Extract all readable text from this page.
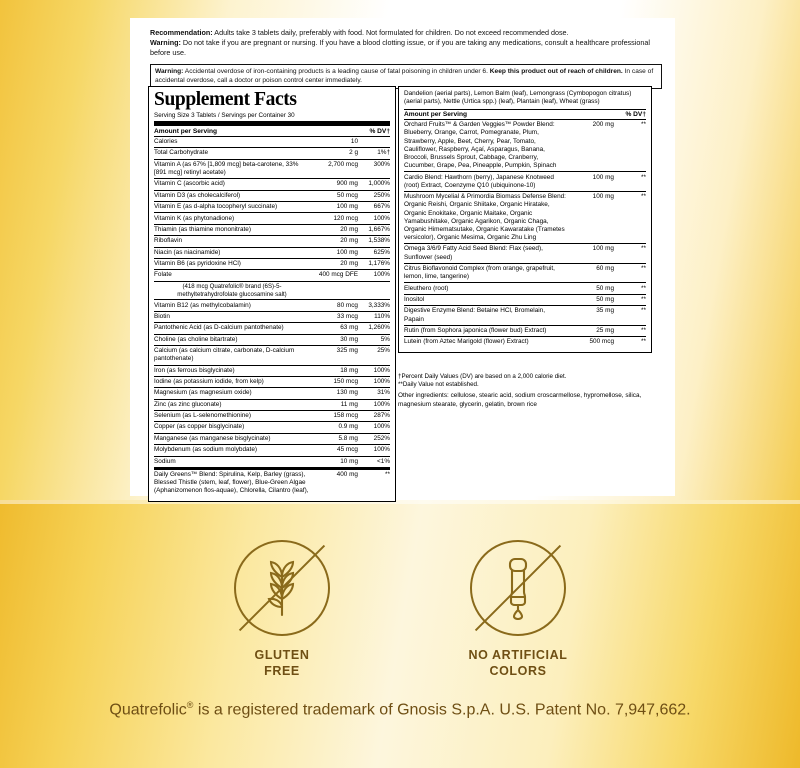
Recommendation: Adults take 3 tablets daily, preferably with food. Not formulated for children. Do not exceed recommended dose.
Warning: Do not take if you are pregnant or nursing. If you have a blood clotting issue, or if you are taking any medications, consult a healthcare professional before use.
Warning: Accidental overdose of iron-containing products is a leading cause of fatal poisoning in children under 6. Keep this product out of reach of children. In case of accidental overdose, call a doctor or poison control center immediately.
Supplement Facts
Serving Size 3 Tablets / Servings per Container 30
Amount per Serving	% DV†
Calories	10	
Total Carbohydrate	2 g	1%†
Vitamin A (as 67% [1,809 mcg] beta-carotene, 33% [891 mcg] retinyl acetate)	2,700 mcg	300%
Vitamin C (ascorbic acid)	900 mg	1,000%
Vitamin D3 (as cholecalciferol)	50 mcg	250%
Vitamin E (as d-alpha tocopheryl succinate)	100 mg	667%
Vitamin K (as phytonadione)	120 mcg	100%
Thiamin (as thiamine mononitrate)	20 mg	1,667%
Riboflavin	20 mg	1,538%
Niacin (as niacinamide)	100 mg	625%
Vitamin B6 (as pyridoxine HCl)	20 mg	1,176%
Folate	400 mcg DFE	100%
(418 mcg Quatrefolic® brand (6S)-5-methyltetrahydrofolate glucosamine salt)		
Vitamin B12 (as methylcobalamin)	80 mcg	3,333%
Biotin	33 mcg	110%
Pantothenic Acid (as D-calcium pantothenate)	63 mg	1,260%
Choline (as choline bitartrate)	30 mg	5%
Calcium (as calcium citrate, carbonate, D-calcium pantothenate)	325 mg	25%
Iron (as ferrous bisglycinate)	18 mg	100%
Iodine (as potassium iodide, from kelp)	150 mcg	100%
Magnesium (as magnesium oxide)	130 mg	31%
Zinc (as zinc gluconate)	11 mg	100%
Selenium (as L-selenomethionine)	158 mcg	287%
Copper (as copper bisglycinate)	0.9 mg	100%
Manganese (as manganese bisglycinate)	5.8 mg	252%
Molybdenum (as sodium molybdate)	45 mcg	100%
Sodium	10 mg	<1%
Daily Greens™ Blend: Spirulina, Kelp, Barley (grass), Blessed Thistle (stem, leaf, flower), Blue-Green Algae (Aphanizomenon flos-aquae), Chlorella, Cilantro (leaf),	400 mg	**
Dandelion (aerial parts), Lemon Balm (leaf), Lemongrass (Cymbopogon citratus) (aerial parts), Nettle (Urtica spp.) (leaf), Plantain (leaf), Wheat (grass)
Amount per Serving	% DV†
Orchard Fruits™ & Garden Veggies™ Powder Blend: Blueberry, Orange, Carrot, Pomegranate, Plum, Strawberry, Apple, Beet, Cherry, Pear, Tomato, Cauliflower, Raspberry, Açaí, Asparagus, Banana, Broccoli, Brussels Sprout, Cabbage, Cranberry, Cucumber, Grape, Pea, Pineapple, Pumpkin, Spinach	200 mg	**
Cardio Blend: Hawthorn (berry), Japanese Knotweed (root) Extract, Coenzyme Q10 (ubiquinone-10)	100 mg	**
Mushroom Mycelial & Primordia Biomass Defense Blend: Organic Reishi, Organic Shiitake, Organic Hiratake, Organic Enokitake, Organic Maitake, Organic Yamabushitake, Organic Agarikon, Organic Chaga, Organic Himematsutake, Organic Kawaratake (Trametes versicolor), Organic Mesima, Organic Zhu Ling	100 mg	**
Omega 3/6/9 Fatty Acid Seed Blend: Flax (seed), Sunflower (seed)	100 mg	**
Citrus Bioflavonoid Complex (from orange, grapefruit, lemon, lime, tangerine)	60 mg	**
Eleuthero (root)	50 mg	**
Inositol	50 mg	**
Digestive Enzyme Blend: Betaine HCl, Bromelain, Papain	35 mg	**
Rutin (from Sophora japonica (flower bud) Extract)	25 mg	**
Lutein (from Aztec Marigold (flower) Extract)	500 mcg	**
†Percent Daily Values (DV) are based on a 2,000 calorie diet.
**Daily Value not established.
Other ingredients: cellulose, stearic acid, sodium croscarmellose, hypromellose, silica, magnesium stearate, glycerin, gelatin, brown rice
GLUTEN
FREE
NO ARTIFICIAL
COLORS
Quatrefolic® is a registered trademark of Gnosis S.p.A. U.S. Patent No. 7,947,662.
